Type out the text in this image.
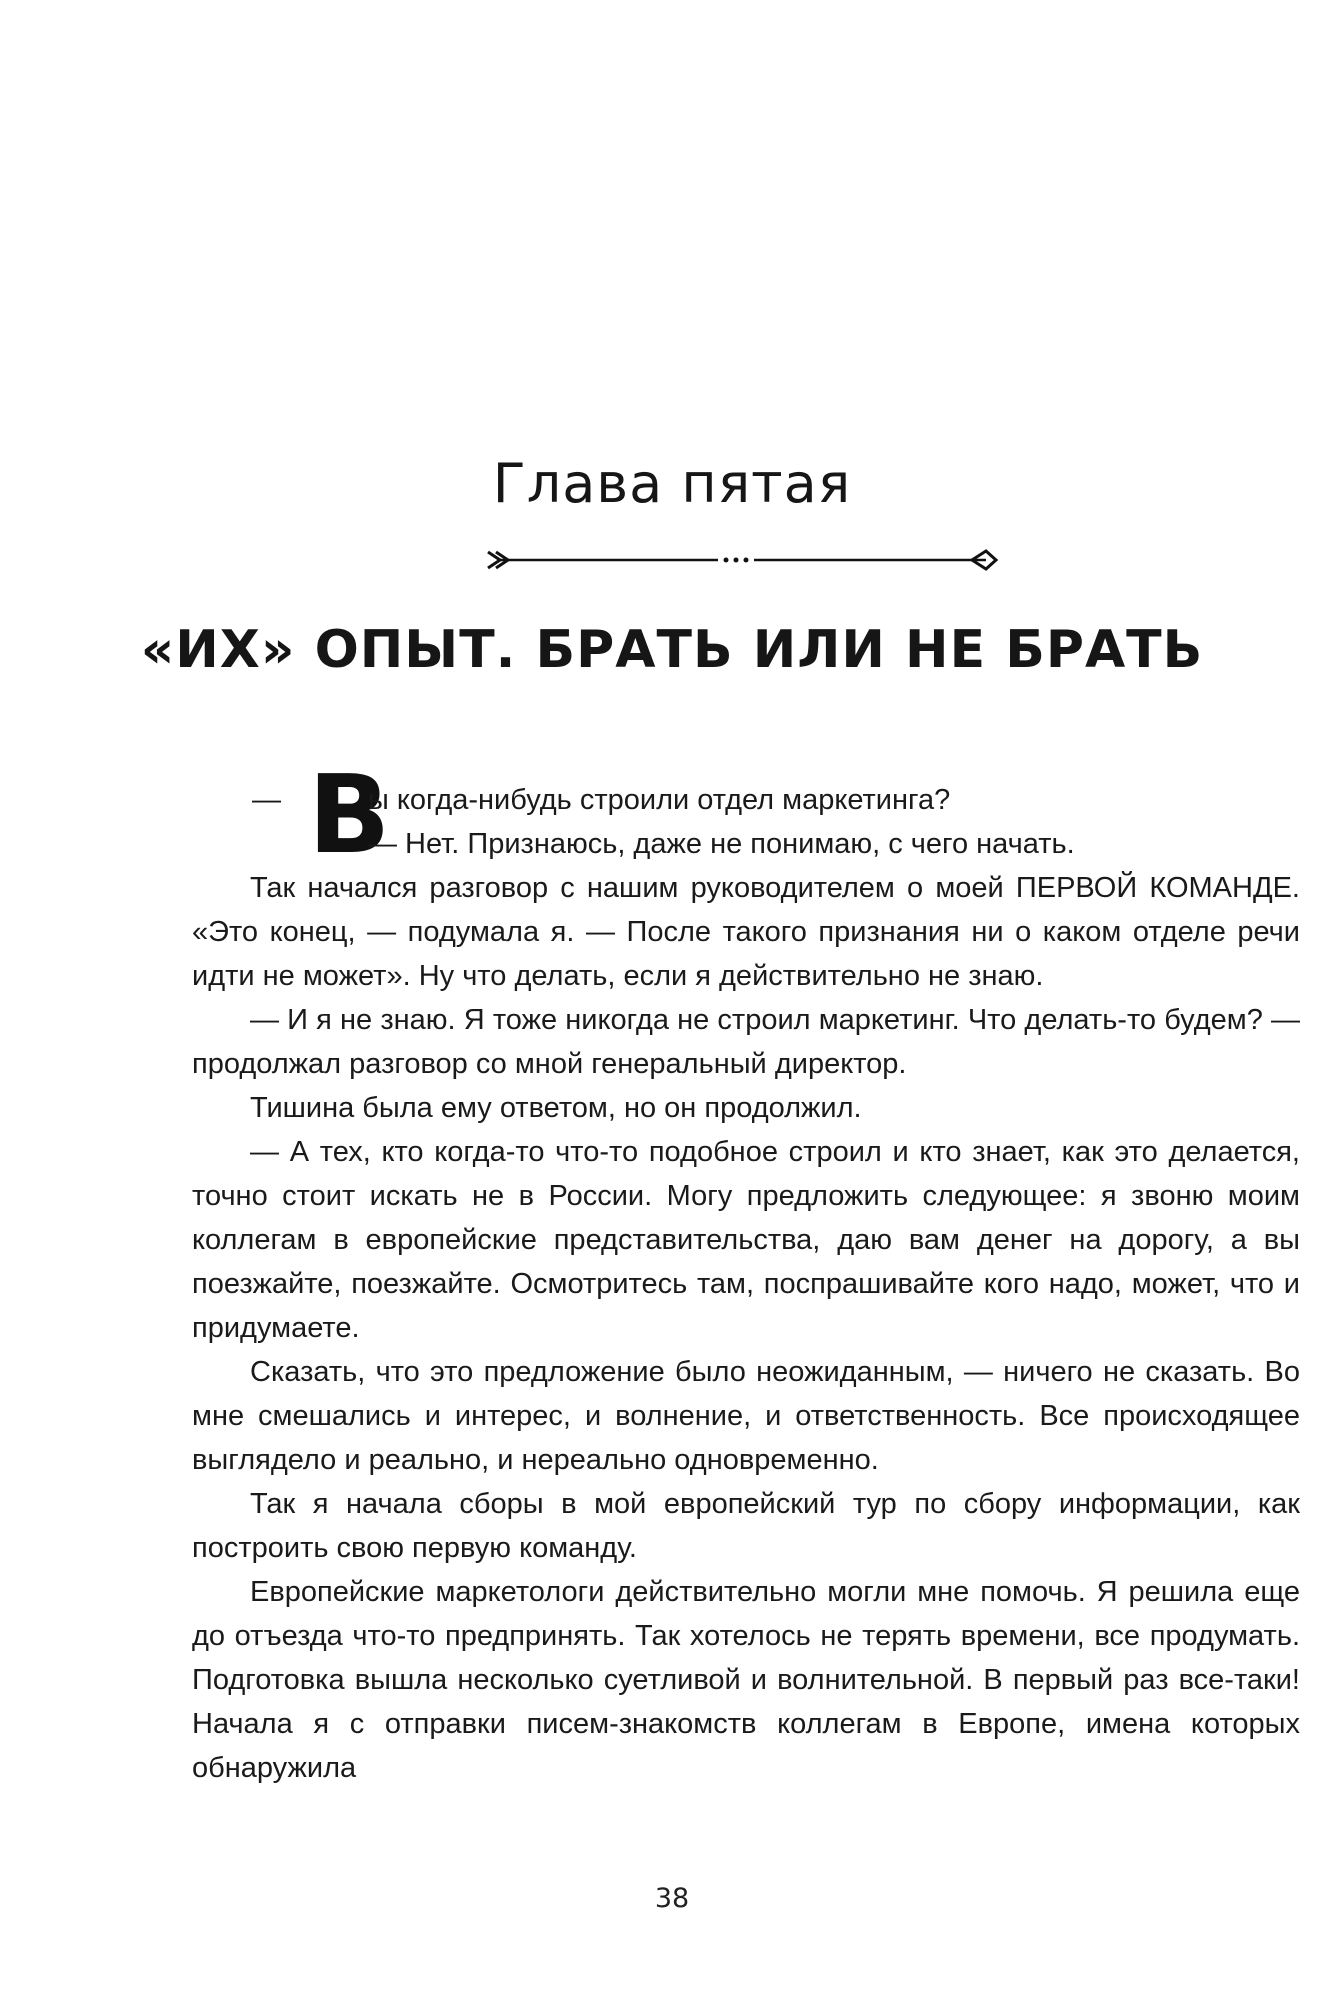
Глава пятая
«ИХ» ОПЫТ. БРАТЬ ИЛИ НЕ БРАТЬ
— В
ы когда-нибудь строили отдел маркетинга?
— Нет. Признаюсь, даже не понимаю, с чего начать.

Так начался разговор с нашим руководителем о моей ПЕРВОЙ КОМАНДЕ. «Это конец, — подумала я. — После такого признания ни о каком отделе речи идти не может». Ну что делать, если я действительно не знаю.

— И я не знаю. Я тоже никогда не строил маркетинг. Что делать-то будем? — продолжал разговор со мной генеральный директор.

Тишина была ему ответом, но он продолжил.

— А тех, кто когда-то что-то подобное строил и кто знает, как это делается, точно стоит искать не в России. Могу предложить следующее: я звоню моим коллегам в европейские представительства, даю вам денег на дорогу, а вы поезжайте, поезжайте. Осмотритесь там, поспрашивайте кого надо, может, что и придумаете.

Сказать, что это предложение было неожиданным, — ничего не сказать. Во мне смешались и интерес, и волнение, и ответственность. Все происходящее выглядело и реально, и нереально одновременно.

Так я начала сборы в мой европейский тур по сбору информации, как построить свою первую команду.

Европейские маркетологи действительно могли мне помочь. Я решила еще до отъезда что-то предпринять. Так хотелось не терять времени, все продумать. Подготовка вышла несколько суетливой и волнительной. В первый раз все-таки! Начала я с отправки писем-знакомств коллегам в Европе, имена которых обнаружила

38
